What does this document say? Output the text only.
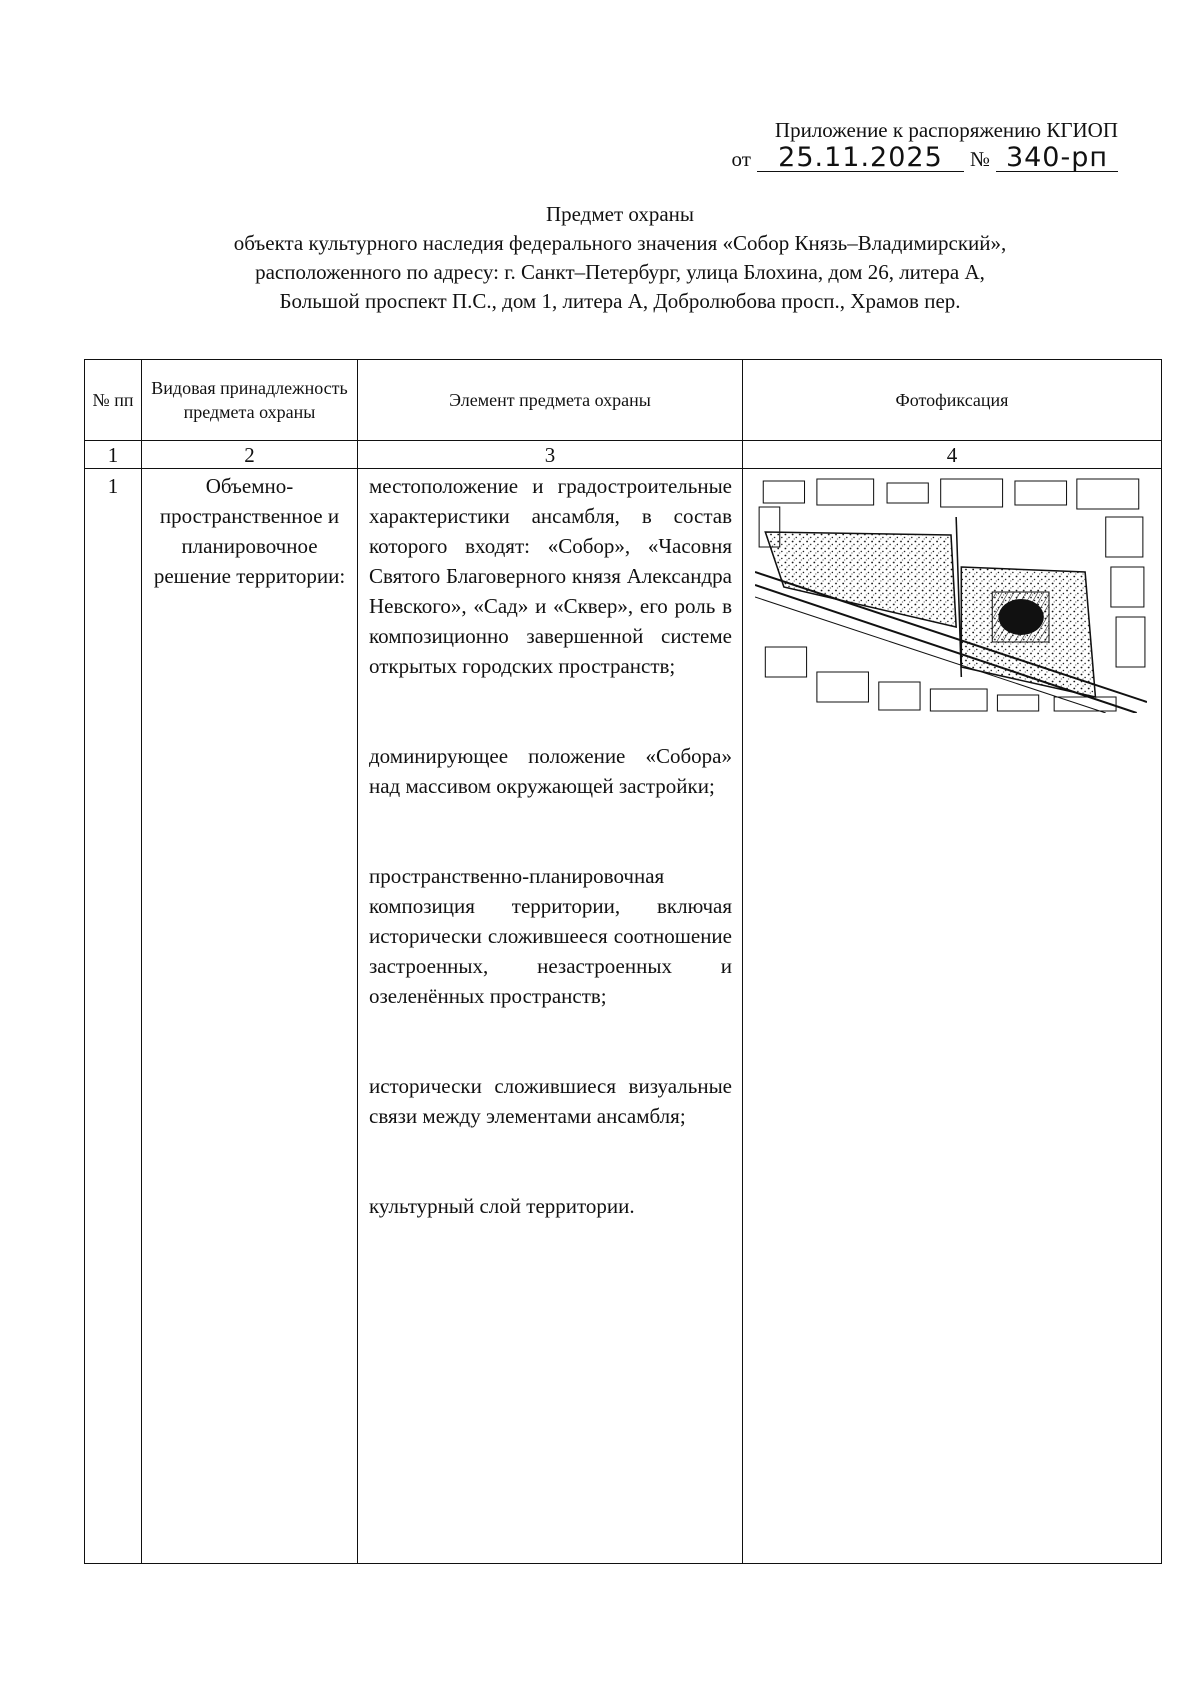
Приложение к распоряжению КГИОП
от	25.11.2025	№ 340-рп
Предмет охраны
объекта культурного наследия федерального значения «Собор Князь–Владимирский»,
расположенного по адресу: г. Санкт–Петербург, улица Блохина, дом 26, литера А,
Большой проспект П.С., дом 1, литера А, Добролюбова просп., Храмов пер.
№ пп	Видовая принадлежность предмета охраны	Элемент предмета охраны	Фотофиксация
1	2	3	4
1	Объемно-пространственное и планировочное решение территории:	местоположение и градостроительные характеристики ансамбля, в состав которого входят: «Собор», «Часовня Святого Благоверного князя Александра Невского», «Сад» и «Сквер», его роль в композиционно завершенной системе открытых городских пространств;
доминирующее положение «Собора» над массивом окружающей застройки;
пространственно-планировочная композиция территории, включая исторически сложившееся соотношение застроенных, незастроенных и озеленённых пространств;
исторически сложившиеся визуальные связи между элементами ансамбля;
культурный слой территории.
